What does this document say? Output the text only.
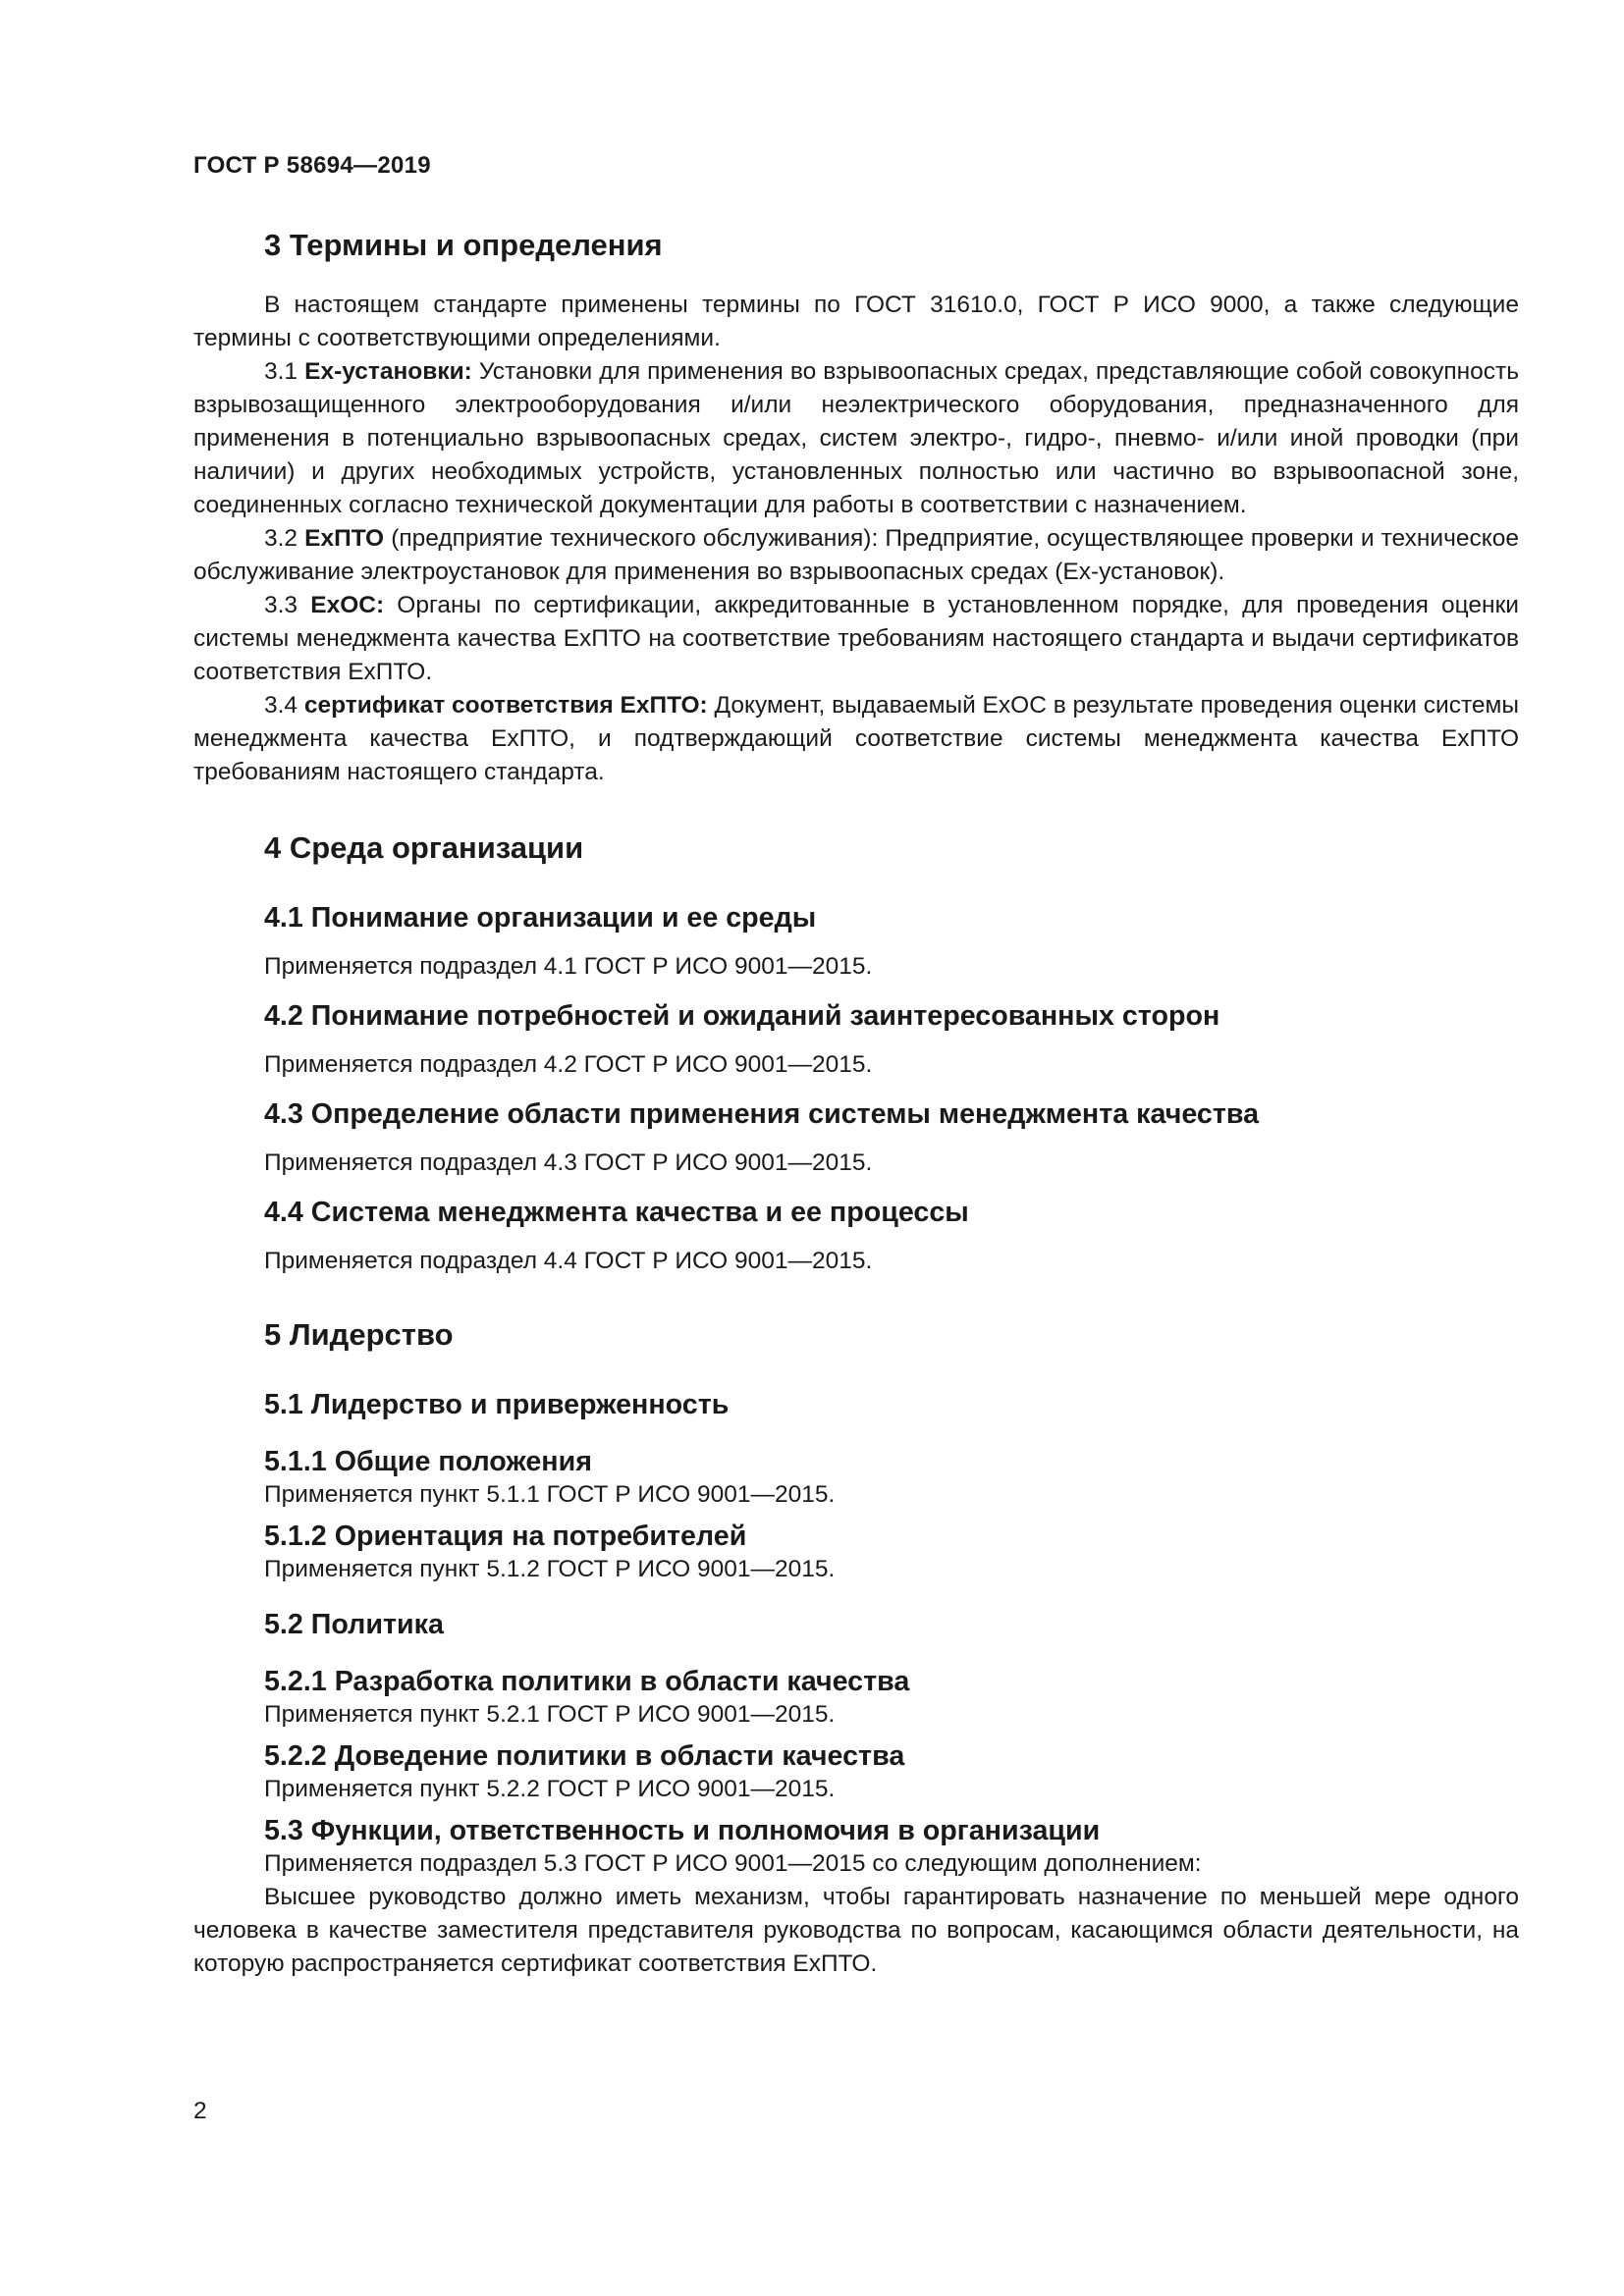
ГОСТ Р 58694—2019
3 Термины и определения

В настоящем стандарте применены термины по ГОСТ 31610.0, ГОСТ Р ИСО 9000, а также следующие термины с соответствующими определениями.

3.1 Ex-установки: Установки для применения во взрывоопасных средах, представляющие собой совокупность взрывозащищенного электрооборудования и/или неэлектрического оборудования, предназначенного для применения в потенциально взрывоопасных средах, систем электро-, гидро-, пневмо- и/или иной проводки (при наличии) и других необходимых устройств, установленных полностью или частично во взрывоопасной зоне, соединенных согласно технической документации для работы в соответствии с назначением.

3.2 ExПТО (предприятие технического обслуживания): Предприятие, осуществляющее проверки и техническое обслуживание электроустановок для применения во взрывоопасных средах (Ex-установок).

3.3 ExОС: Органы по сертификации, аккредитованные в установленном порядке, для проведения оценки системы менеджмента качества ExПТО на соответствие требованиям настоящего стандарта и выдачи сертификатов соответствия ExПТО.

3.4 сертификат соответствия ExПТО: Документ, выдаваемый ExОС в результате проведения оценки системы менеджмента качества ExПТО, и подтверждающий соответствие системы менеджмента качества ExПТО требованиям настоящего стандарта.

4 Среда организации
4.1 Понимание организации и ее среды

Применяется подраздел 4.1 ГОСТ Р ИСО 9001—2015.

4.2 Понимание потребностей и ожиданий заинтересованных сторон

Применяется подраздел 4.2 ГОСТ Р ИСО 9001—2015.

4.3 Определение области применения системы менеджмента качества

Применяется подраздел 4.3 ГОСТ Р ИСО 9001—2015.

4.4 Система менеджмента качества и ее процессы

Применяется подраздел 4.4 ГОСТ Р ИСО 9001—2015.

5 Лидерство
5.1 Лидерство и приверженность
5.1.1 Общие положения

Применяется пункт 5.1.1 ГОСТ Р ИСО 9001—2015.

5.1.2 Ориентация на потребителей

Применяется пункт 5.1.2 ГОСТ Р ИСО 9001—2015.

5.2 Политика
5.2.1 Разработка политики в области качества

Применяется пункт 5.2.1 ГОСТ Р ИСО 9001—2015.

5.2.2 Доведение политики в области качества

Применяется пункт 5.2.2 ГОСТ Р ИСО 9001—2015.

5.3 Функции, ответственность и полномочия в организации

Применяется подраздел 5.3 ГОСТ Р ИСО 9001—2015 со следующим дополнением:

Высшее руководство должно иметь механизм, чтобы гарантировать назначение по меньшей мере одного человека в качестве заместителя представителя руководства по вопросам, касающимся области деятельности, на которую распространяется сертификат соответствия ExПТО.

2
